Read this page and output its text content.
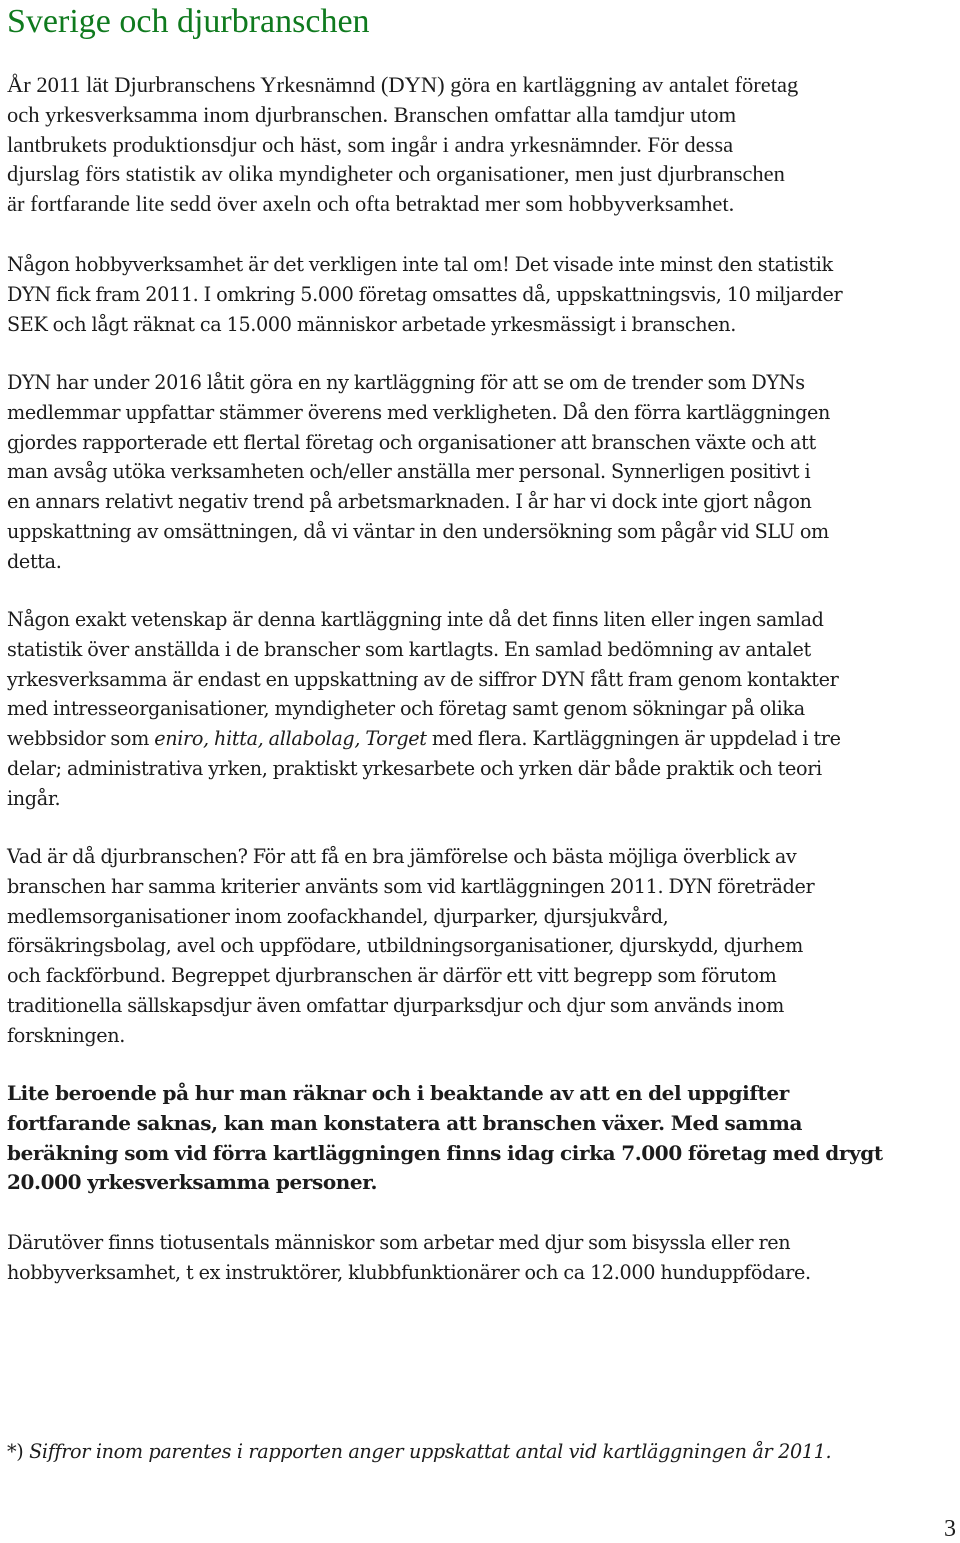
Sverige och djurbranschen

År 2011 lät Djurbranschens Yrkesnämnd (DYN) göra en kartläggning av antalet företag
och yrkesverksamma inom djurbranschen. Branschen omfattar alla tamdjur utom
lantbrukets produktionsdjur och häst, som ingår i andra yrkesnämnder. För dessa
djurslag förs statistik av olika myndigheter och organisationer, men just djurbranschen
är fortfarande lite sedd över axeln och ofta betraktad mer som hobbyverksamhet.

Någon hobbyverksamhet är det verkligen inte tal om! Det visade inte minst den statistik
DYN fick fram 2011. I omkring 5.000 företag omsattes då, uppskattningsvis, 10 miljarder
SEK och lågt räknat ca 15.000 människor arbetade yrkesmässigt i branschen.

DYN har under 2016 låtit göra en ny kartläggning för att se om de trender som DYNs
medlemmar uppfattar stämmer överens med verkligheten. Då den förra kartläggningen
gjordes rapporterade ett flertal företag och organisationer att branschen växte och att
man avsåg utöka verksamheten och/eller anställa mer personal. Synnerligen positivt i
en annars relativt negativ trend på arbetsmarknaden. I år har vi dock inte gjort någon
uppskattning av omsättningen, då vi väntar in den undersökning som pågår vid SLU om
detta.

Någon exakt vetenskap är denna kartläggning inte då det finns liten eller ingen samlad
statistik över anställda i de branscher som kartlagts. En samlad bedömning av antalet
yrkesverksamma är endast en uppskattning av de siffror DYN fått fram genom kontakter
med intresseorganisationer, myndigheter och företag samt genom sökningar på olika
webbsidor som eniro, hitta, allabolag, Torget med flera. Kartläggningen är uppdelad i tre
delar; administrativa yrken, praktiskt yrkesarbete och yrken där både praktik och teori
ingår.

Vad är då djurbranschen? För att få en bra jämförelse och bästa möjliga överblick av
branschen har samma kriterier använts som vid kartläggningen 2011. DYN företräder
medlemsorganisationer inom zoofackhandel, djurparker, djursjukvård,
försäkringsbolag, avel och uppfödare, utbildningsorganisationer, djurskydd, djurhem
och fackförbund. Begreppet djurbranschen är därför ett vitt begrepp som förutom
traditionella sällskapsdjur även omfattar djurparksdjur och djur som används inom
forskningen.

Lite beroende på hur man räknar och i beaktande av att en del uppgifter
fortfarande saknas, kan man konstatera att branschen växer. Med samma
beräkning som vid förra kartläggningen finns idag cirka 7.000 företag med drygt
20.000 yrkesverksamma personer.

Därutöver finns tiotusentals människor som arbetar med djur som bisyssla eller ren
hobbyverksamhet, t ex instruktörer, klubbfunktionärer och ca 12.000 hunduppfödare.

*) Siffror inom parentes i rapporten anger uppskattat antal vid kartläggningen år 2011.

3
